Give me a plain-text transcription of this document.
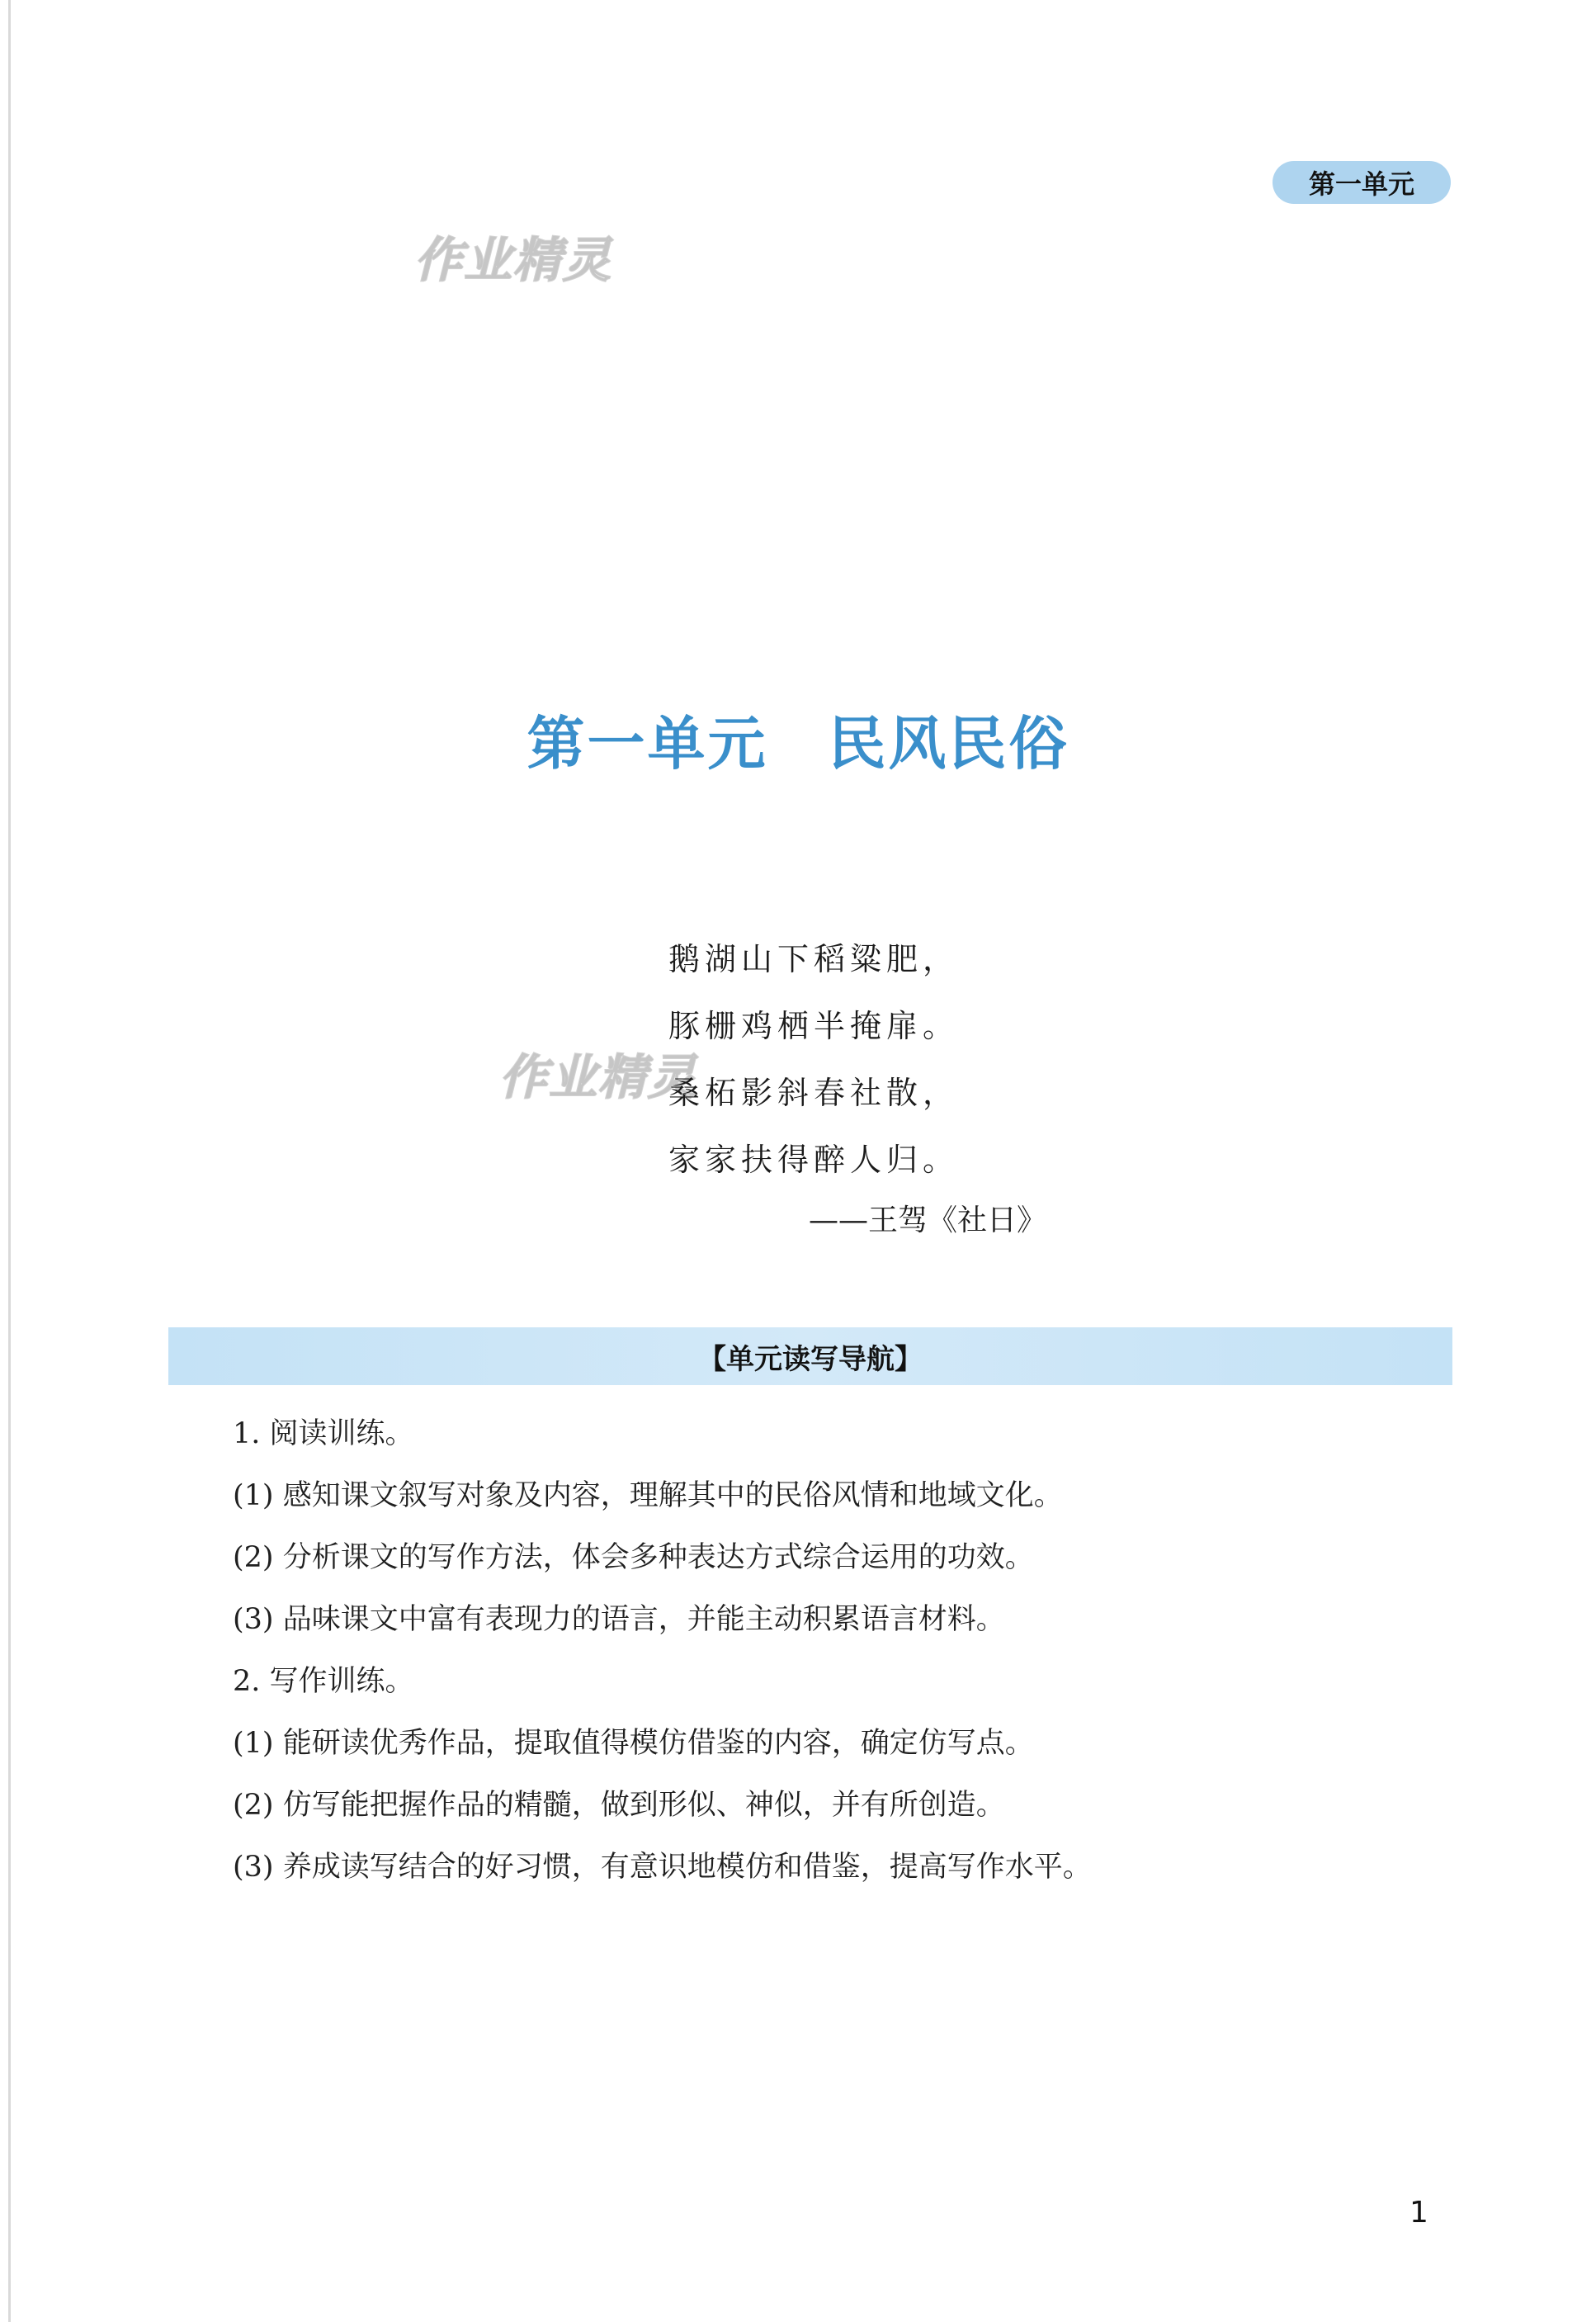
第一单元
作业精灵
作业精灵
第一单元　民风民俗
鹅湖山下稻粱肥，
豚栅鸡栖半掩扉。
桑柘影斜春社散，
家家扶得醉人归。
——王驾《社日》
【单元读写导航】
1. 阅读训练。
(1) 感知课文叙写对象及内容，理解其中的民俗风情和地域文化。
(2) 分析课文的写作方法，体会多种表达方式综合运用的功效。
(3) 品味课文中富有表现力的语言，并能主动积累语言材料。
2. 写作训练。
(1) 能研读优秀作品，提取值得模仿借鉴的内容，确定仿写点。
(2) 仿写能把握作品的精髓，做到形似、神似，并有所创造。
(3) 养成读写结合的好习惯，有意识地模仿和借鉴，提高写作水平。
1
